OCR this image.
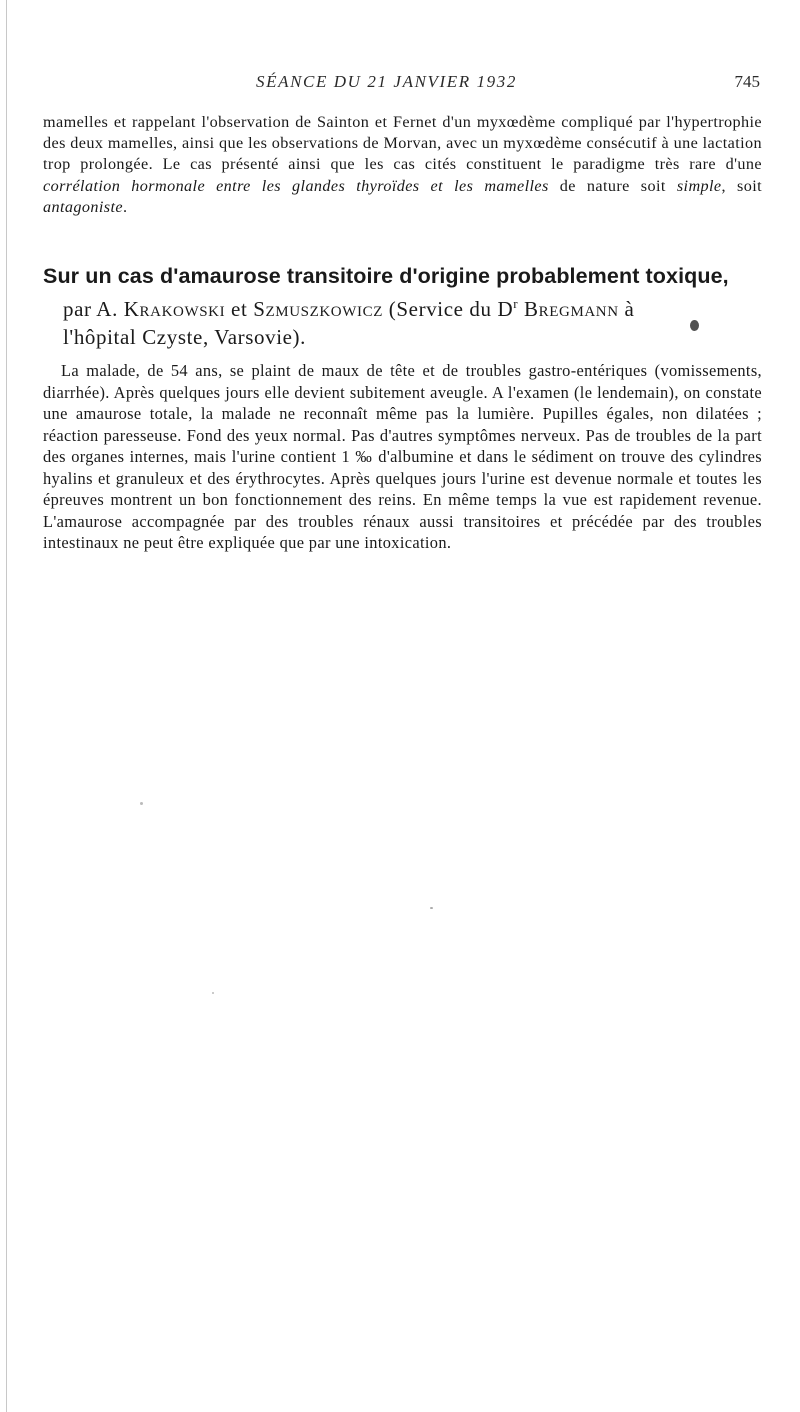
SÉANCE DU 21 JANVIER 1932	745

mamelles et rappelant l'observation de Sainton et Fernet d'un myxœdème compliqué par l'hypertrophie des deux mamelles, ainsi que les observations de Morvan, avec un myxœdème consécutif à une lactation trop prolongée. Le cas présenté ainsi que les cas cités constituent le paradigme très rare d'une corrélation hormonale entre les glandes thyroïdes et les mamelles de nature soit simple, soit antagoniste.

Sur un cas d'amaurose transitoire d'origine probablement toxique,
par A. Krakowski et Szmuszkowicz (Service du $D^r$ Bregmann à
l'hôpital Czyste, Varsovie).

La malade, de 54 ans, se plaint de maux de tête et de troubles gastro-entériques (vomissements, diarrhée). Après quelques jours elle devient subitement aveugle. A l'examen (le lendemain), on constate une amaurose totale, la malade ne reconnaît même pas la lumière. Pupilles égales, non dilatées ; réaction paresseuse. Fond des yeux normal. Pas d'autres symptômes nerveux. Pas de troubles de la part des organes internes, mais l'urine contient 1 ‰ d'albumine et dans le sédiment on trouve des cylindres hyalins et granuleux et des érythrocytes. Après quelques jours l'urine est devenue normale et toutes les épreuves montrent un bon fonctionnement des reins. En même temps la vue est rapidement revenue. L'amaurose accompagnée par des troubles rénaux aussi transitoires et précédée par des troubles intestinaux ne peut être expliquée que par une intoxication.
